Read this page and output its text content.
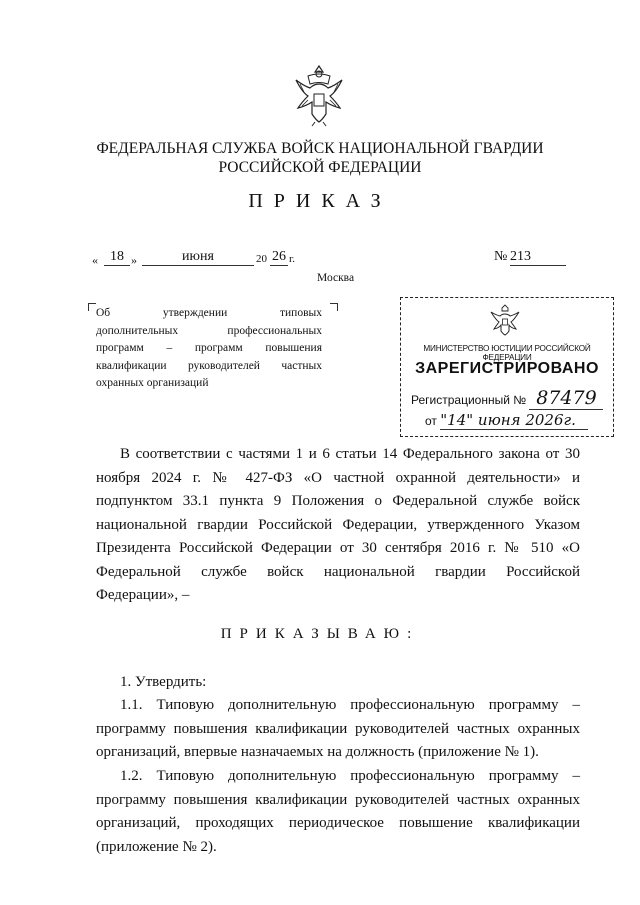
ФЕДЕРАЛЬНАЯ СЛУЖБА ВОЙСК НАЦИОНАЛЬНОЙ ГВАРДИИ
РОССИЙСКОЙ ФЕДЕРАЦИИ
ПРИКАЗ
« 18 »	июня	20 26 г.	№ 213
Москва

Об утверждении типовых

дополнительных профессиональных

программ – программ повышения

квалификации руководителей частных

охранных организаций

МИНИСТЕРСТВО ЮСТИЦИИ РОССИЙСКОЙ ФЕДЕРАЦИИ
ЗАРЕГИСТРИРОВАНО
Регистрационный № 87479
от "14" июня 2026г.

В соответствии с частями 1 и 6 статьи 14 Федерального закона от 30 ноября 2024 г. № 427-ФЗ «О частной охранной деятельности» и подпунктом 33.1 пункта 9 Положения о Федеральной службе войск национальной гвардии Российской Федерации, утвержденного Указом Президента Российской Федерации от 30 сентября 2016 г. № 510 «О Федеральной службе войск национальной гвардии Российской Федерации», –

ПРИКАЗЫВАЮ:

1. Утвердить:

1.1. Типовую дополнительную профессиональную программу – программу повышения квалификации руководителей частных охранных организаций, впервые назначаемых на должность (приложение № 1).

1.2. Типовую дополнительную профессиональную программу – программу повышения квалификации руководителей частных охранных организаций, проходящих периодическое повышение квалификации (приложение № 2).
